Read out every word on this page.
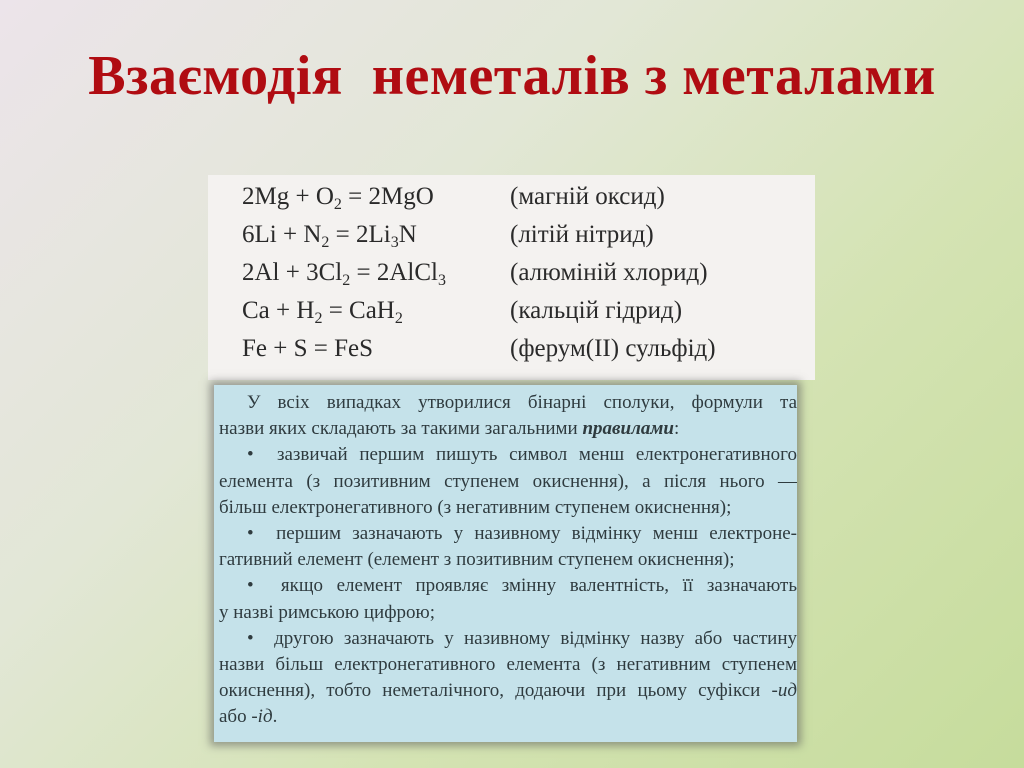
Взаємодія  неметалів з металами
$2Mg + O_2 = 2MgO$	(магній оксид)
$6Li + N_2 = 2Li_3N$	(літій нітрид)
$2Al + 3Cl_2$ = 2AlCl$_3$	(алюміній хлорид)
$Ca + H_2 = CaH_2$	(кальцій гідрид)
Fe + S = FeS	(ферум(II) сульфід)
У всіх випадках утворилися бінарні сполуки, формули та
назви яких складають за такими загальними правилами:
•  зазвичай першим пишуть символ менш електронегативного
елемента (з позитивним ступенем окиснення), а після нього —
більш електронегативного (з негативним ступенем окиснення);
•  першим зазначають у називному відмінку менш електроне-
гативний елемент (елемент з позитивним ступенем окиснення);
•  якщо елемент проявляє змінну валентність, її зазначають
у назві римською цифрою;
•  другою зазначають у називному відмінку назву або частину
назви більш електронегативного елемента (з негативним ступенем
окиснення), тобто неметалічного, додаючи при цьому суфікси -ид
або -ід.
